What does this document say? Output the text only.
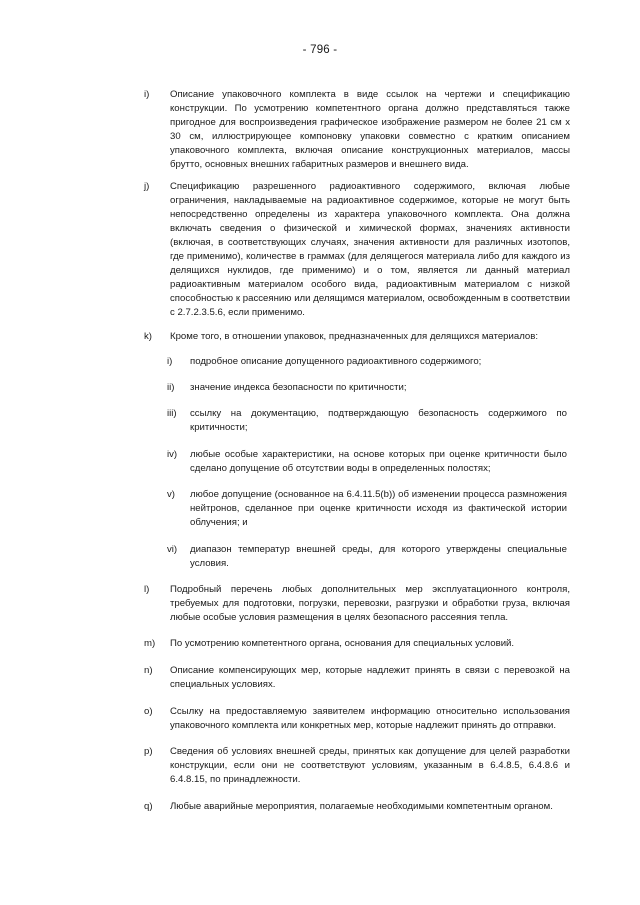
- 796 -
i)	Описание упаковочного комплекта в виде ссылок на чертежи и спецификацию конструкции. По усмотрению компетентного органа должно представляться также пригодное для воспроизведения графическое изображение размером не более 21 см х 30 см, иллюстрирующее компоновку упаковки совместно с кратким описанием упаковочного комплекта, включая описание конструкционных материалов, массы брутто, основных внешних габаритных размеров и внешнего вида.
j)	Спецификацию разрешенного радиоактивного содержимого, включая любые ограничения, накладываемые на радиоактивное содержимое, которые не могут быть непосредственно определены из характера упаковочного комплекта. Она должна включать сведения о физической и химической формах, значениях активности (включая, в соответствующих случаях, значения активности для различных изотопов, где применимо), количестве в граммах (для делящегося материала либо для каждого из делящихся нуклидов, где применимо) и о том, является ли данный материал радиоактивным материалом особого вида, радиоактивным материалом с низкой способностью к рассеянию или делящимся материалом, освобожденным в соответствии с 2.7.2.3.5.6, если применимо.
k)	Кроме того, в отношении упаковок, предназначенных для делящихся материалов:
i)	подробное описание допущенного радиоактивного содержимого;
ii)	значение индекса безопасности по критичности;
iii)	ссылку на документацию, подтверждающую безопасность содержимого по критичности;
iv)	любые особые характеристики, на основе которых при оценке критичности было сделано допущение об отсутствии воды в определенных полостях;
v)	любое допущение (основанное на 6.4.11.5(b)) об изменении процесса размножения нейтронов, сделанное при оценке критичности исходя из фактической истории облучения; и
vi)	диапазон температур внешней среды, для которого утверждены специальные условия.
l)	Подробный перечень любых дополнительных мер эксплуатационного контроля, требуемых для подготовки, погрузки, перевозки, разгрузки и обработки груза, включая любые особые условия размещения в целях безопасного рассеяния тепла.
m)	По усмотрению компетентного органа, основания для специальных условий.
n)	Описание компенсирующих мер, которые надлежит принять в связи с перевозкой на специальных условиях.
o)	Ссылку на предоставляемую заявителем информацию относительно использования упаковочного комплекта или конкретных мер, которые надлежит принять до отправки.
p)	Сведения об условиях внешней среды, принятых как допущение для целей разработки конструкции, если они не соответствуют условиям, указанным в 6.4.8.5, 6.4.8.6 и 6.4.8.15, по принадлежности.
q)	Любые аварийные мероприятия, полагаемые необходимыми компетентным органом.
